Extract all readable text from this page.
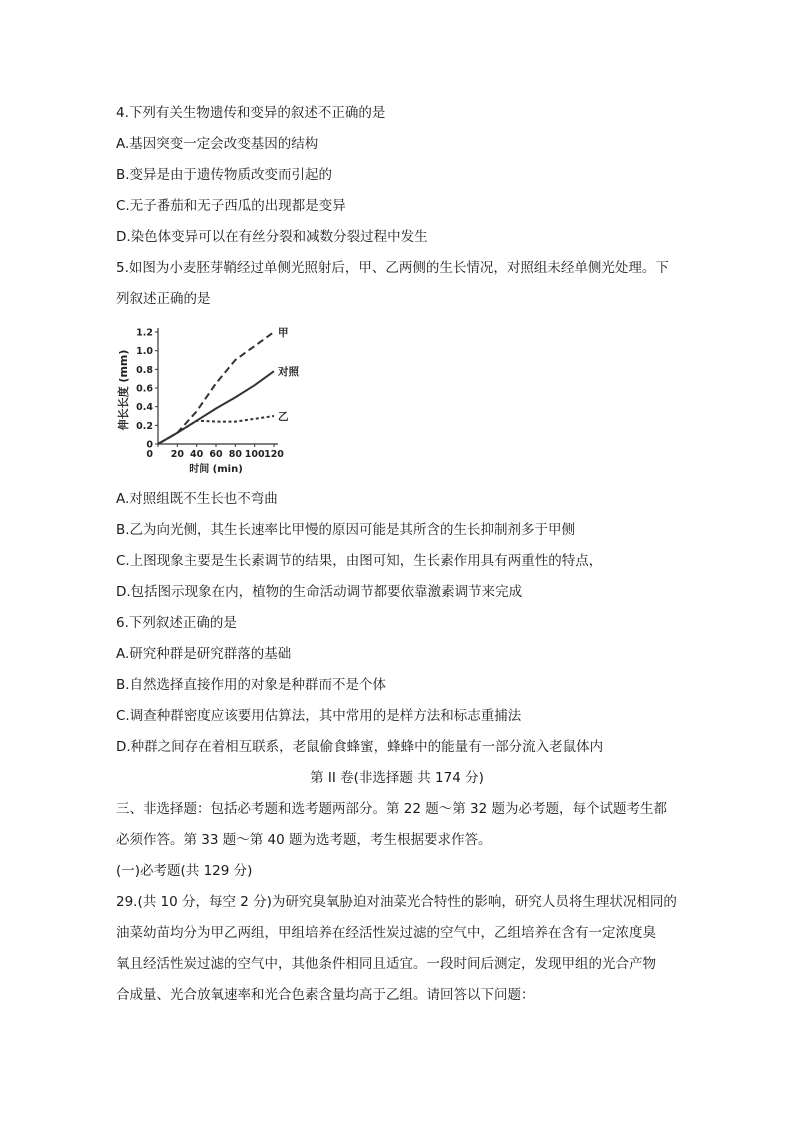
4.下列有关生物遗传和变异的叙述不正确的是
A.基因突变一定会改变基因的结构
B.变异是由于遗传物质改变而引起的
C.无子番茄和无子西瓜的出现都是变异
D.染色体变异可以在有丝分裂和减数分裂过程中发生
5.如图为小麦胚芽鞘经过单侧光照射后，甲、乙两侧的生长情况，对照组未经单侧光处理。下
列叙述正确的是
伸长长度 (mm)
时间 (min)
0
0.2
0.4
0.6
0.8
1.0
1.2
20 40 60 80 100 120
0
甲
对照
乙
A.对照组既不生长也不弯曲
B.乙为向光侧，其生长速率比甲慢的原因可能是其所含的生长抑制剂多于甲侧
C.上图现象主要是生长素调节的结果，由图可知，生长素作用具有两重性的特点，
D.包括图示现象在内，植物的生命活动调节都要依靠激素调节来完成
6.下列叙述正确的是
A.研究种群是研究群落的基础
B.自然选择直接作用的对象是种群而不是个体
C.调查种群密度应该要用估算法，其中常用的是样方法和标志重捕法
D.种群之间存在着相互联系，老鼠偷食蜂蜜，蜂蜂中的能量有一部分流入老鼠体内
第 II 卷(非选择题 共 174 分)
三、非选择题：包括必考题和选考题两部分。第 22 题～第 32 题为必考题，每个试题考生都
必须作答。第 33 题～第 40 题为选考题，考生根据要求作答。
(一)必考题(共 129 分)
29.(共 10 分，每空 2 分)为研究臭氧胁迫对油菜光合特性的影响，研究人员将生理状况相同的
油菜幼苗均分为甲乙两组，甲组培养在经活性炭过滤的空气中，乙组培养在含有一定浓度臭
氧且经活性炭过滤的空气中，其他条件相同且适宜。一段时间后测定，发现甲组的光合产物
合成量、光合放氧速率和光合色素含量均高于乙组。请回答以下问题：
